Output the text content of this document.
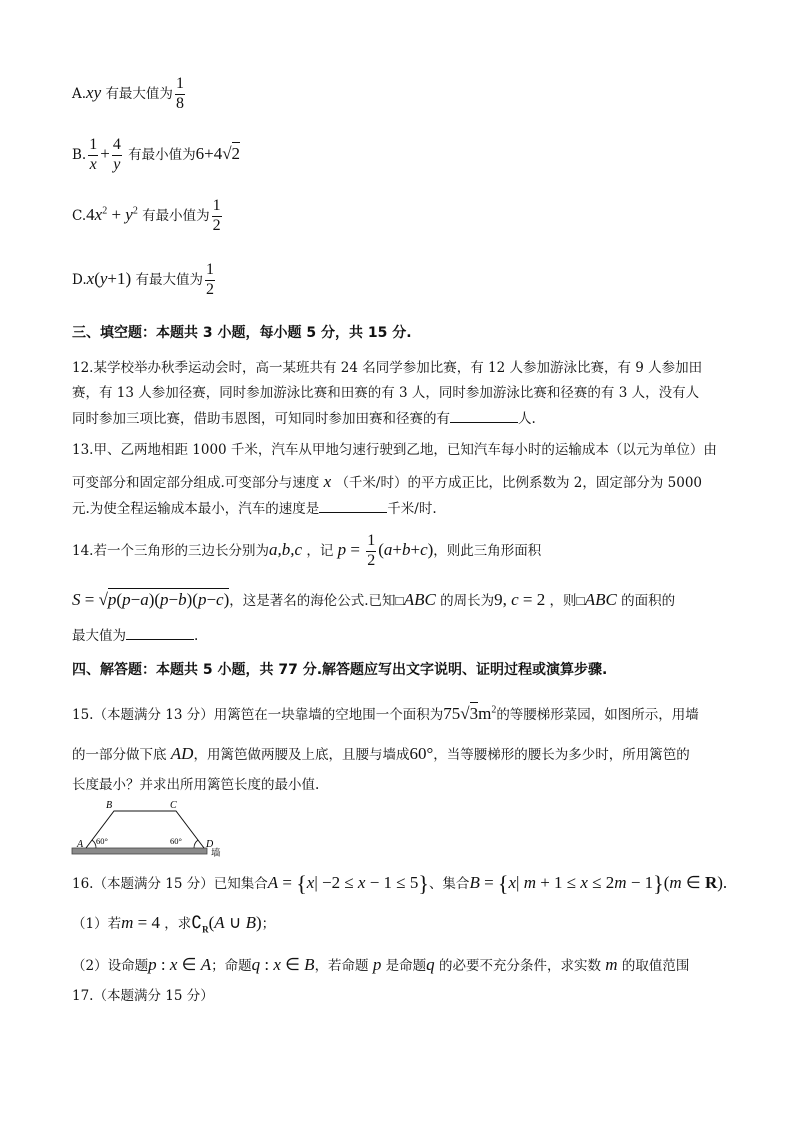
A.xy 有最大值为 $\frac{1}{8}$
B. $\frac{1}{x} + \frac{4}{y}$ 有最小值为6+4√2
$C.4x^2 + y^2$ 有最小值为 $\frac{1}{2}$
D.x(y+1) 有最大值为 $\frac{1}{2}$
三、填空题：本题共 3 小题，每小题 5 分，共 15 分.
12.某学校举办秋季运动会时，高一某班共有 24 名同学参加比赛，有 12 人参加游泳比赛，有 9 人参加田
赛，有 13 人参加径赛，同时参加游泳比赛和田赛的有 3 人，同时参加游泳比赛和径赛的有 3 人，没有人
同时参加三项比赛，借助韦恩图，可知同时参加田赛和径赛的有	人.
13.甲、乙两地相距 1000 千米，汽车从甲地匀速行驶到乙地，已知汽车每小时的运输成本（以元为单位）由
可变部分和固定部分组成.可变部分与速度 x （千米/时）的平方成正比，比例系数为 2，固定部分为 5000
元.为使全程运输成本最小，汽车的速度是	千米/时.
14.若一个三角形的三边长分别为a,b,c ，记 $p = \frac{1}{2} (a+b+c)$，则此三角形面积
S = √p(p−a)(p−b)(p−c)，这是著名的海伦公式.已知□ABC 的周长为9, c = 2 ，则□ABC 的面积的
最大值为	.
四、解答题：本题共 5 小题，共 77 分.解答题应写出文字说明、证明过程或演算步骤.
15.（本题满分 13 分）用篱笆在一块靠墙的空地围一个面积为$75√3m^2$的等腰梯形菜园，如图所示，用墙
的一部分做下底 AD，用篱笆做两腰及上底，且腰与墙成60°，当等腰梯形的腰长为多少时，所用篱笆的
长度最小？并求出所用篱笆长度的最小值.
B	C
A	D
60°	60°
墙
16.（本题满分 15 分）已知集合A = {x| −2 ≤ x − 1 ≤ 5}、集合B = {x| m + 1 ≤ x ≤ 2m − 1}(m ∈ R).
（1）若m = 4 ，求$∁_R(A$ ∪ B)；
（2）设命题p : x ∈ A；命题q : x ∈ B，若命题 p 是命题q 的必要不充分条件，求实数 m 的取值范围
17.（本题满分 15 分）
